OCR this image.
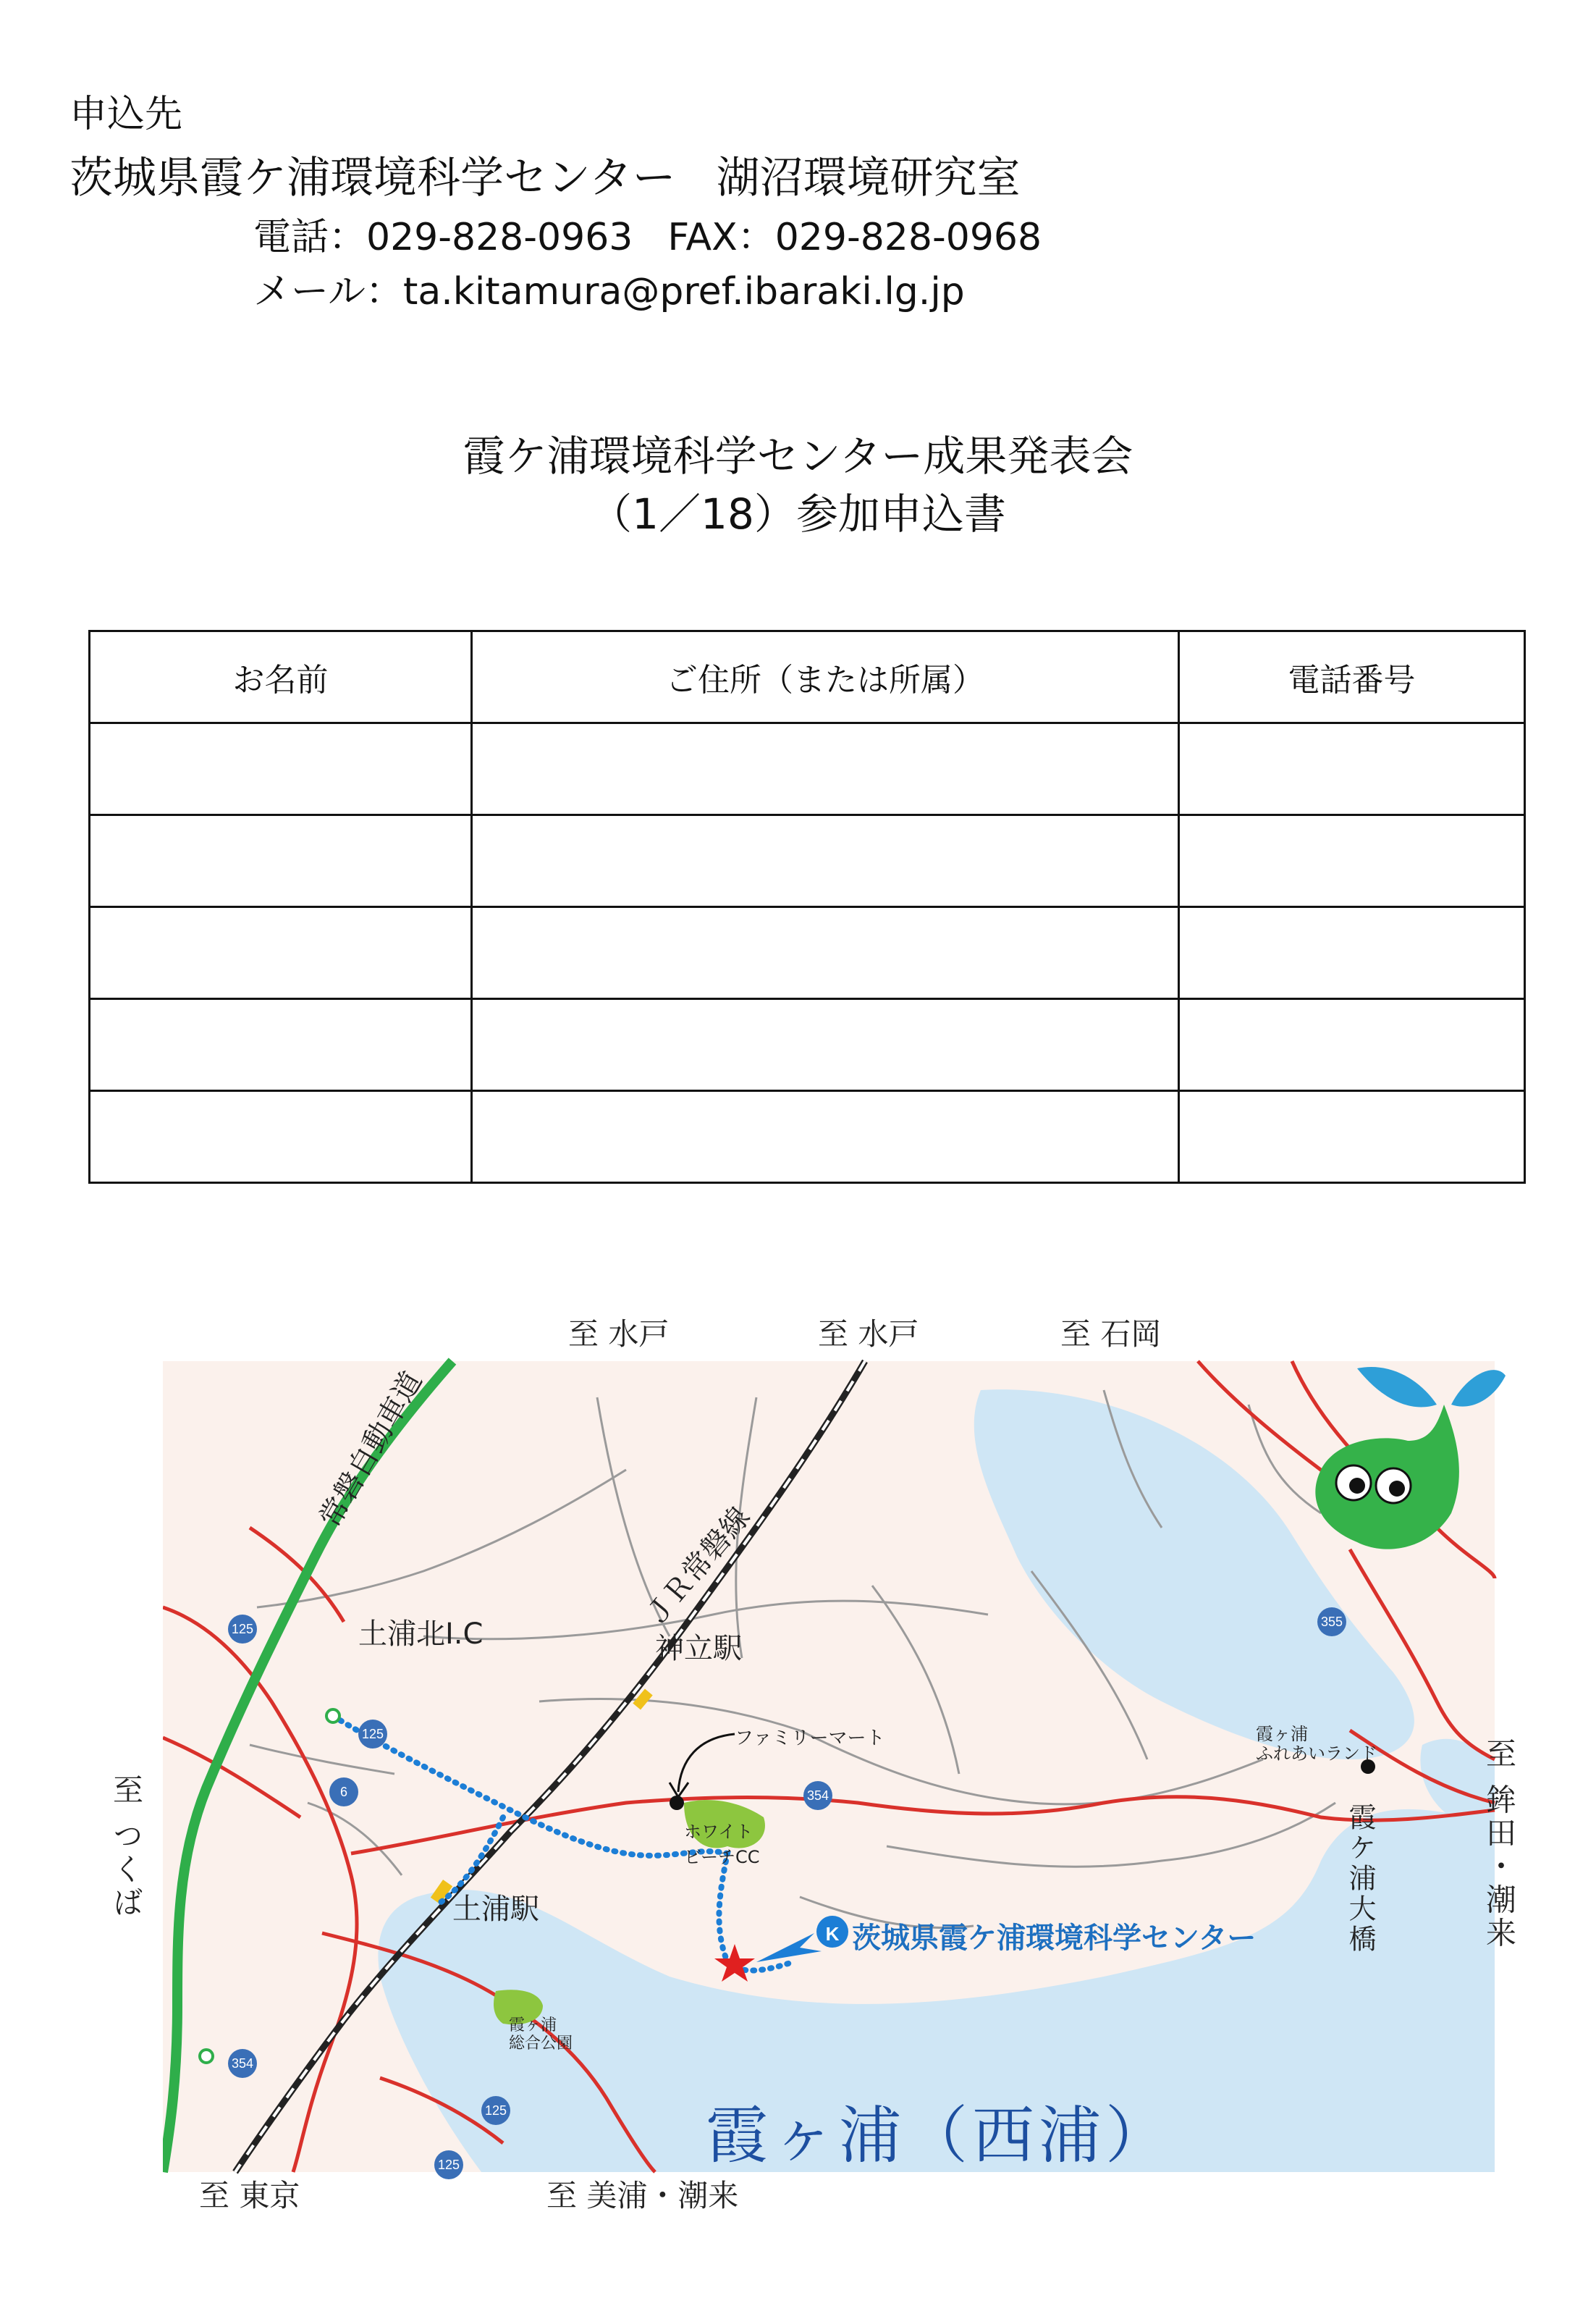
申込先
茨城県霞ケ浦環境科学センター 湖沼環境研究室
電話：029-828-0963 FAX：029-828-0968
メール：ta.kitamura@pref.ibaraki.lg.jp
霞ケ浦環境科学センター成果発表会
（1／18）参加申込書
お名前	ご住所（または所属）	電話番号

K
125
125
6	354
354
355
125
125
至 水戸	至 水戸	至 石岡
至 つくば	至 鉾田・潮来
至 東京	至 美浦・潮来
常磐自動車道
ＪＲ常磐線
土浦北I.C	神立駅
土浦駅
ファミリーマート
ホワイトビーチCC
茨城県霞ケ浦環境科学センター
霞ヶ浦
ふれあいランド
霞ケ浦大橋
霞ヶ浦
総合公園
霞ヶ浦（西浦）
